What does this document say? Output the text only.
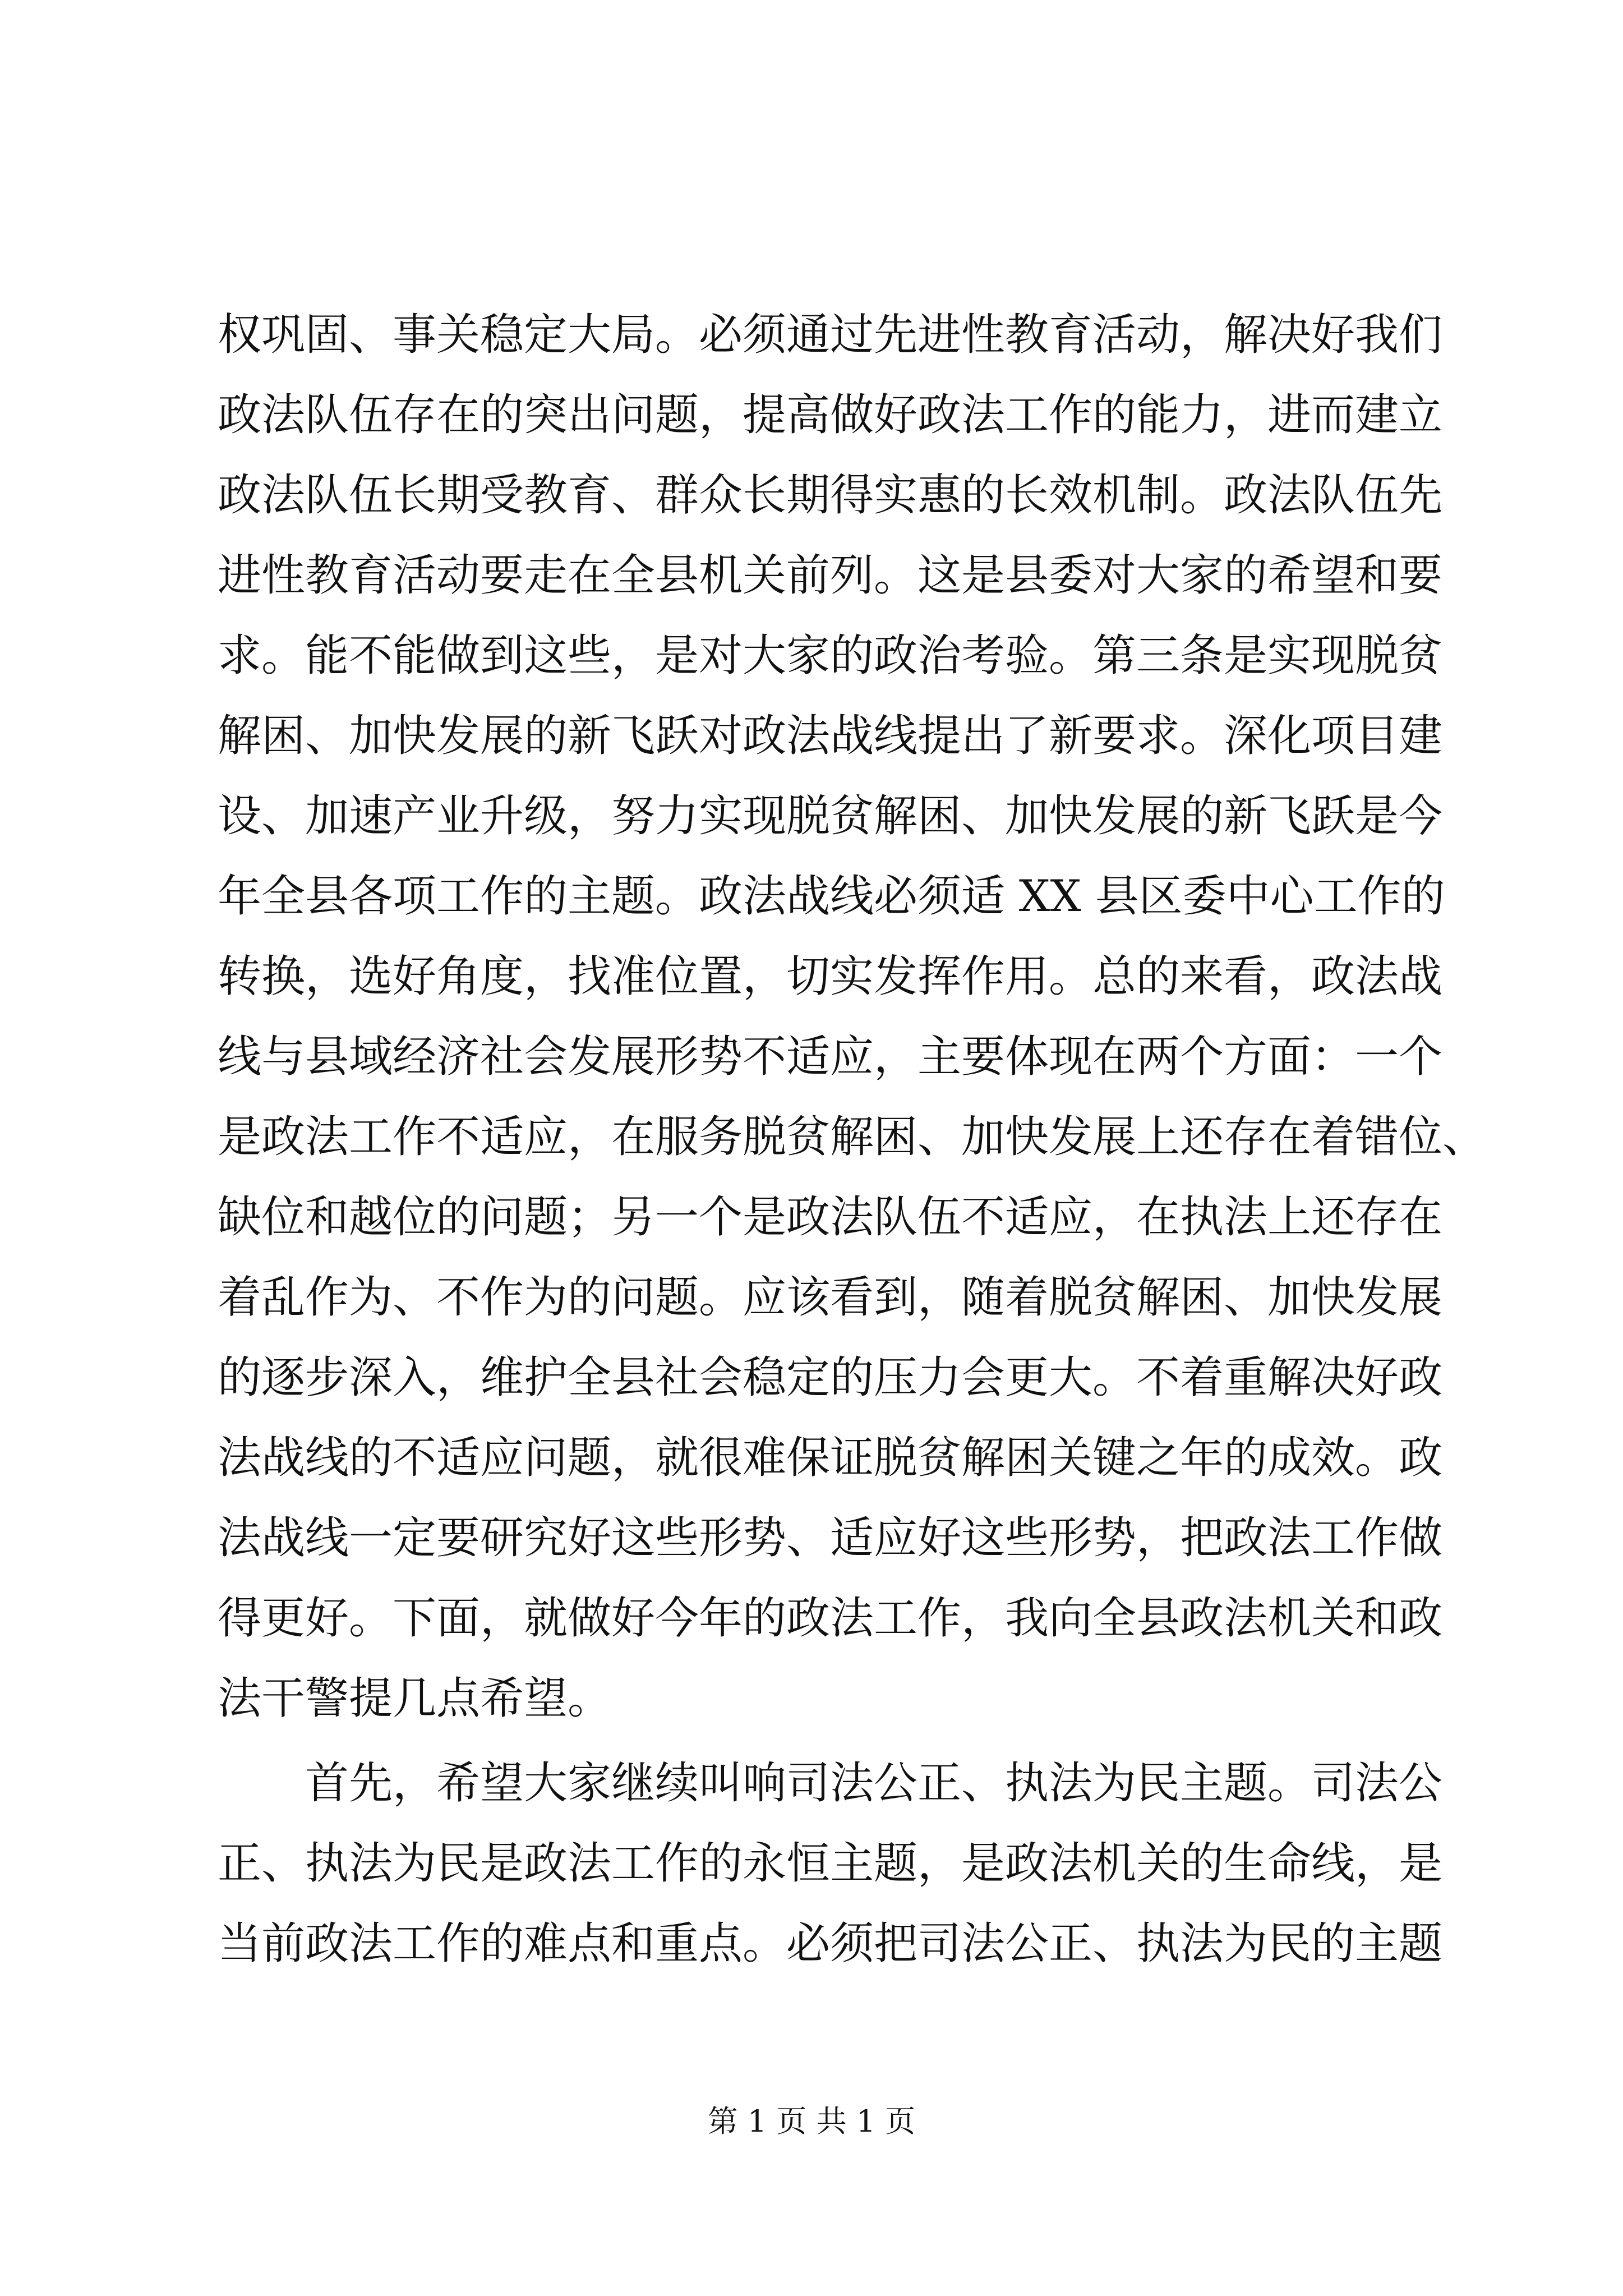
权巩固、事关稳定大局。必须通过先进性教育活动，解决好我们
政法队伍存在的突出问题，提高做好政法工作的能力，进而建立
政法队伍长期受教育、群众长期得实惠的长效机制。政法队伍先
进性教育活动要走在全县机关前列。这是县委对大家的希望和要
求。能不能做到这些，是对大家的政治考验。第三条是实现脱贫
解困、加快发展的新飞跃对政法战线提出了新要求。深化项目建
设、加速产业升级，努力实现脱贫解困、加快发展的新飞跃是今
年全县各项工作的主题。政法战线必须适 XX 县区委中心工作的
转换，选好角度，找准位置，切实发挥作用。总的来看，政法战
线与县域经济社会发展形势不适应，主要体现在两个方面：一个
是政法工作不适应，在服务脱贫解困、加快发展上还存在着错位、
缺位和越位的问题；另一个是政法队伍不适应，在执法上还存在
着乱作为、不作为的问题。应该看到，随着脱贫解困、加快发展
的逐步深入，维护全县社会稳定的压力会更大。不着重解决好政
法战线的不适应问题，就很难保证脱贫解困关键之年的成效。政
法战线一定要研究好这些形势、适应好这些形势，把政法工作做
得更好。下面，就做好今年的政法工作，我向全县政法机关和政
法干警提几点希望。
首先，希望大家继续叫响司法公正、执法为民主题。司法公
正、执法为民是政法工作的永恒主题，是政法机关的生命线，是
当前政法工作的难点和重点。必须把司法公正、执法为民的主题
第 1 页 共 1 页
